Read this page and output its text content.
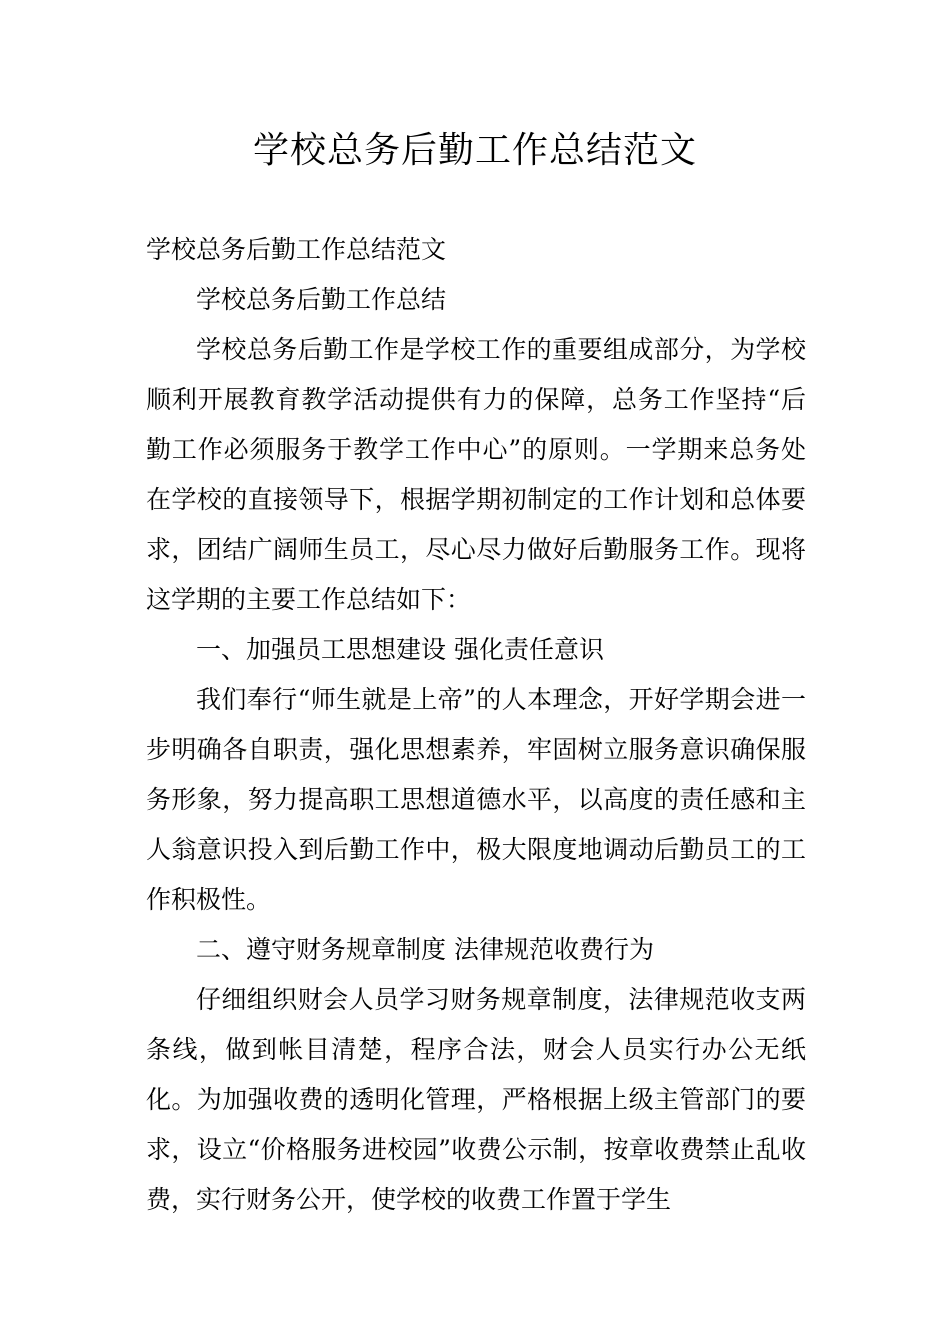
学校总务后勤工作总结范文

学校总务后勤工作总结范文

学校总务后勤工作总结

学校总务后勤工作是学校工作的重要组成部分，为学校顺利开展教育教学活动提供有力的保障，总务工作坚持“后勤工作必须服务于教学工作中心”的原则。一学期来总务处在学校的直接领导下，根据学期初制定的工作计划和总体要求，团结广阔师生员工，尽心尽力做好后勤服务工作。现将这学期的主要工作总结如下：

一、加强员工思想建设 强化责任意识

我们奉行“师生就是上帝”的人本理念，开好学期会进一步明确各自职责，强化思想素养，牢固树立服务意识确保服务形象，努力提高职工思想道德水平，以高度的责任感和主人翁意识投入到后勤工作中，极大限度地调动后勤员工的工作积极性。

二、遵守财务规章制度 法律规范收费行为

仔细组织财会人员学习财务规章制度，法律规范收支两条线，做到帐目清楚，程序合法，财会人员实行办公无纸化。为加强收费的透明化管理，严格根据上级主管部门的要求，设立“价格服务进校园”收费公示制，按章收费禁止乱收费，实行财务公开，使学校的收费工作置于学生
